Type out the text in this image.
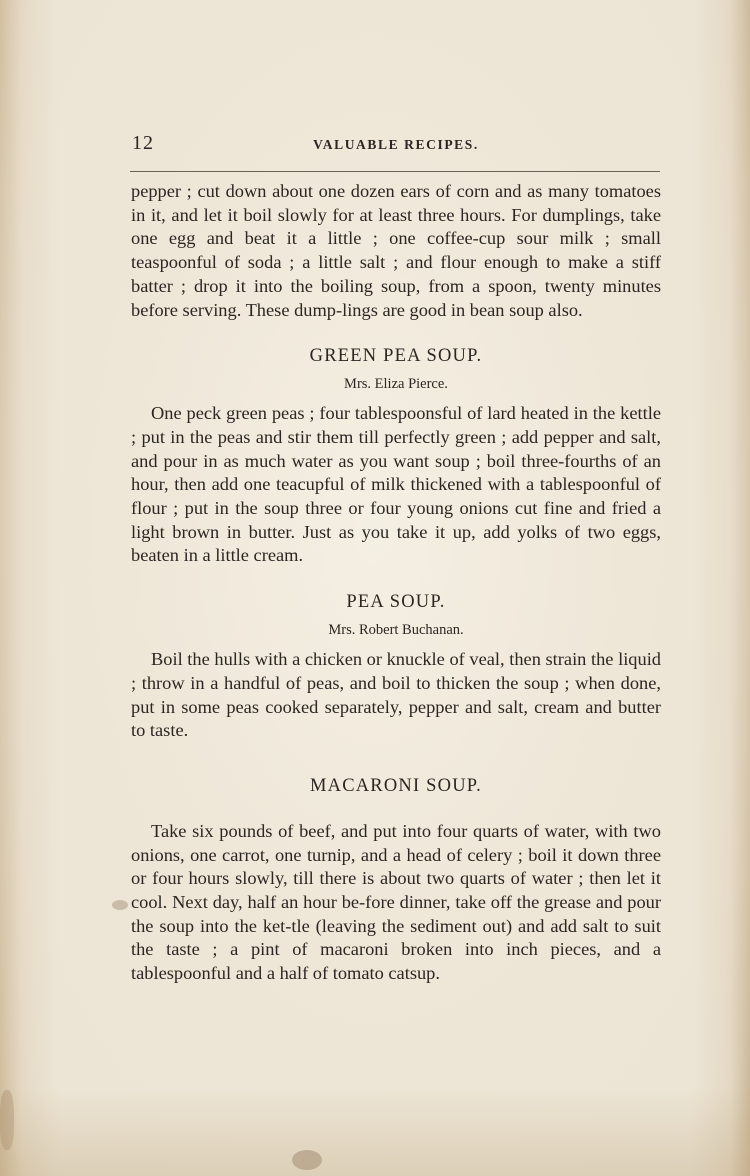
12	VALUABLE RECIPES.

pepper ; cut down about one dozen ears of corn and as many tomatoes in it, and let it boil slowly for at least three hours. For dumplings, take one egg and beat it a little ; one coffee-cup sour milk ; small teaspoonful of soda ; a little salt ; and flour enough to make a stiff batter ; drop it into the boiling soup, from a spoon, twenty minutes before serving. These dump-lings are good in bean soup also.

GREEN PEA SOUP.
Mrs. Eliza Pierce.

One peck green peas ; four tablespoonsful of lard heated in the kettle ; put in the peas and stir them till perfectly green ; add pepper and salt, and pour in as much water as you want soup ; boil three-fourths of an hour, then add one teacupful of milk thickened with a tablespoonful of flour ; put in the soup three or four young onions cut fine and fried a light brown in butter. Just as you take it up, add yolks of two eggs, beaten in a little cream.

PEA SOUP.
Mrs. Robert Buchanan.

Boil the hulls with a chicken or knuckle of veal, then strain the liquid ; throw in a handful of peas, and boil to thicken the soup ; when done, put in some peas cooked separately, pepper and salt, cream and butter to taste.

MACARONI SOUP.

Take six pounds of beef, and put into four quarts of water, with two onions, one carrot, one turnip, and a head of celery ; boil it down three or four hours slowly, till there is about two quarts of water ; then let it cool. Next day, half an hour be-fore dinner, take off the grease and pour the soup into the ket-tle (leaving the sediment out) and add salt to suit the taste ; a pint of macaroni broken into inch pieces, and a tablespoonful and a half of tomato catsup.
